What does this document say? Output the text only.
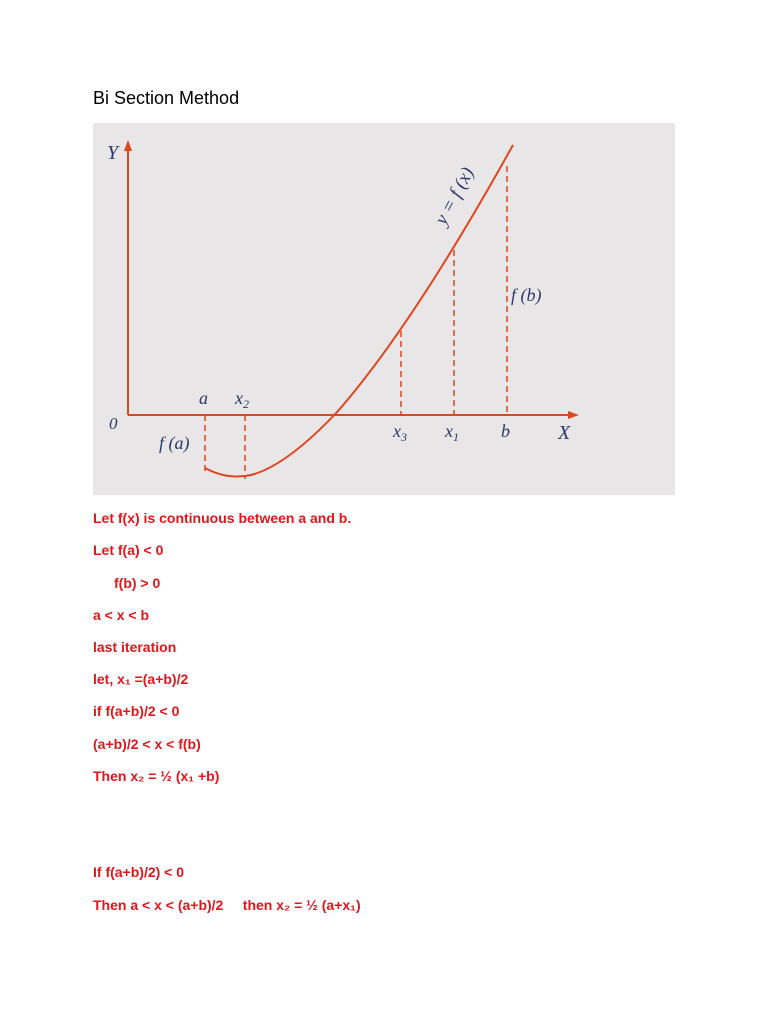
Bi Section Method
Y
X
0
a $x_2$
$x_3$ $x_1$ b
f (a)
f (b)
y = f (x)
Let f(x) is continuous between a and b.
Let f(a) < 0
f(b) > 0
a < x < b
last iteration
let, x₁ =(a+b)/2
if f(a+b)/2 < 0
(a+b)/2 < x < f(b)
Then x₂ = ½ (x₁ +b)
If f(a+b)/2) < 0
Then a < x < (a+b)/2     then x₂ = ½ (a+x₁)
